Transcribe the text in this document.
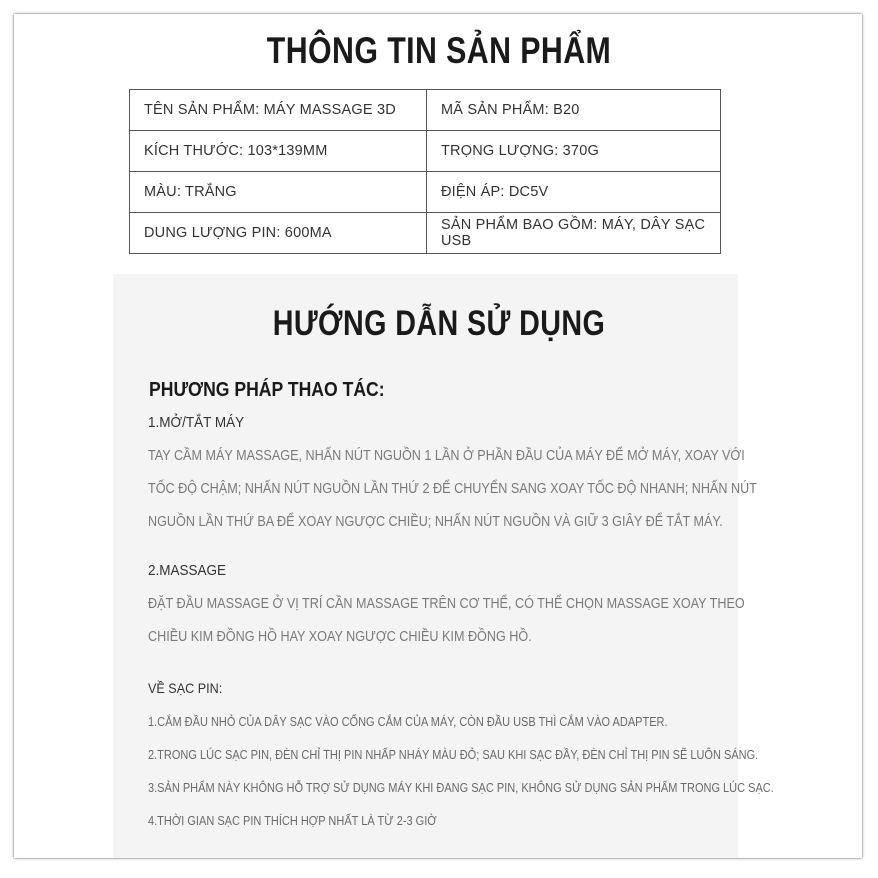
THÔNG TIN SẢN PHẨM
TÊN SẢN PHẨM: MÁY MASSAGE 3D	MÃ SẢN PHẨM: B20
KÍCH THƯỚC: 103*139MM	TRỌNG LƯỢNG: 370G
MÀU: TRẮNG	ĐIỆN ÁP: DC5V
DUNG LƯỢNG PIN: 600MA	SẢN PHẨM BAO GỒM: MÁY, DÂY SẠC USB
HƯỚNG DẪN SỬ DỤNG
PHƯƠNG PHÁP THAO TÁC:

1.MỞ/TẮT MÁY

TAY CẦM MÁY MASSAGE, NHẤN NÚT NGUỒN 1 LẦN Ở PHẦN ĐẦU CỦA MÁY ĐỂ MỞ MÁY, XOAY VỚI
TỐC ĐỘ CHẬM; NHẤN NÚT NGUỒN LẦN THỨ 2 ĐỂ CHUYỂN SANG XOAY TỐC ĐỘ NHANH; NHẤN NÚT
NGUỒN LẦN THỨ BA ĐỂ XOAY NGƯỢC CHIỀU; NHẤN NÚT NGUỒN VÀ GIỮ 3 GIÂY ĐỂ TẮT MÁY.

2.MASSAGE

ĐẶT ĐẦU MASSAGE Ở VỊ TRÍ CẦN MASSAGE TRÊN CƠ THỂ, CÓ THỂ CHỌN MASSAGE XOAY THEO
CHIỀU KIM ĐỒNG HỒ HAY XOAY NGƯỢC CHIỀU KIM ĐỒNG HỒ.

VỀ SẠC PIN:

1.CẮM ĐẦU NHỎ CỦA DÂY SẠC VÀO CỔNG CẮM CỦA MÁY, CÒN ĐẦU USB THÌ CẮM VÀO ADAPTER.

2.TRONG LÚC SẠC PIN, ĐÈN CHỈ THỊ PIN NHẤP NHÁY MÀU ĐỎ; SAU KHI SẠC ĐẦY, ĐÈN CHỈ THỊ PIN SẼ LUÔN SÁNG.

3.SẢN PHẨM NÀY KHÔNG HỖ TRỢ SỬ DỤNG MÁY KHI ĐANG SẠC PIN, KHÔNG SỬ DỤNG SẢN PHẨM TRONG LÚC SẠC.

4.THỜI GIAN SẠC PIN THÍCH HỢP NHẤT LÀ TỪ 2-3 GIỜ
